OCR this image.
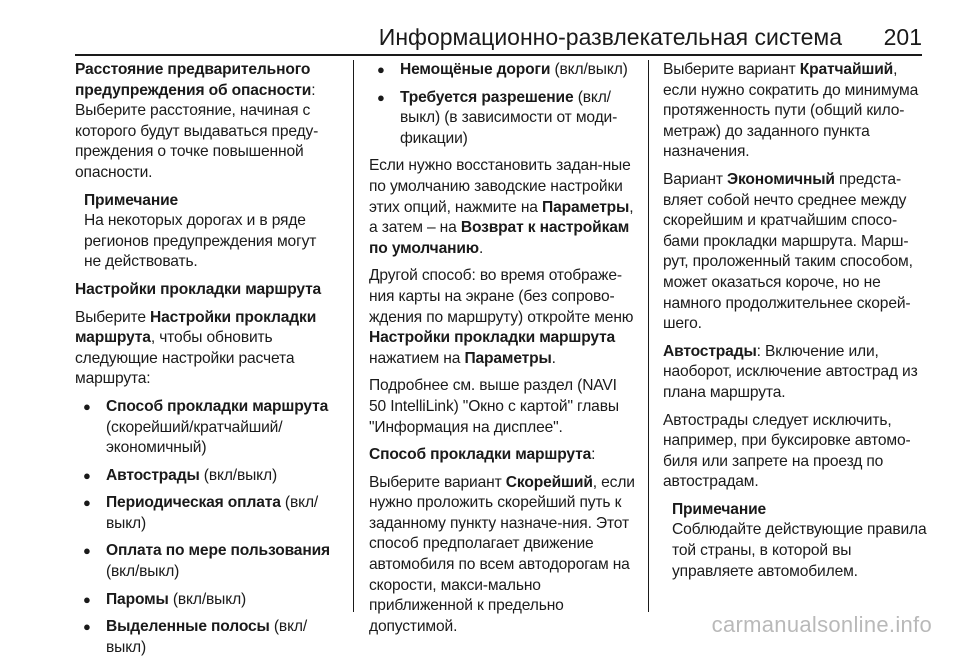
Информационно-развлекательная система 201

Расстояние предварительного предупреждения об опасности: Выберите расстояние, начиная с которого будут выдаваться преду-преждения о точке повышенной опасности.

Примечание

На некоторых дорогах и в ряде регионов предупреждения могут не действовать.

Настройки прокладки маршрута

Выберите Настройки прокладки маршрута, чтобы обновить следующие настройки расчета маршрута:

● Способ прокладки маршрута (скорейший/кратчайший/экономичный)
● Автострады (вкл/выкл)
● Периодическая оплата (вкл/выкл)
● Оплата по мере пользования (вкл/выкл)
● Паромы (вкл/выкл)
● Выделенные полосы (вкл/выкл)
● Немощёные дороги (вкл/выкл)
● Требуется разрешение (вкл/выкл) (в зависимости от моди-фикации)

Если нужно восстановить задан-ные по умолчанию заводские настройки этих опций, нажмите на Параметры, а затем – на Возврат к настройкам по умолчанию.

Другой способ: во время отображе-ния карты на экране (без сопрово-ждения по маршруту) откройте меню Настройки прокладки маршрута нажатием на Параметры.

Подробнее см. выше раздел (NAVI 50 IntelliLink) "Окно с картой" главы "Информация на дисплее".

Способ прокладки маршрута:

Выберите вариант Скорейший, если нужно проложить скорейший путь к заданному пункту назначе-ния. Этот способ предполагает движение автомобиля по всем автодорогам на скорости, макси-мально приближенной к предельно допустимой.

Выберите вариант Кратчайший, если нужно сократить до минимума протяженность пути (общий кило-метраж) до заданного пункта назначения.

Вариант Экономичный предста-вляет собой нечто среднее между скорейшим и кратчайшим спосо-бами прокладки маршрута. Марш-рут, проложенный таким способом, может оказаться короче, но не намного продолжительнее скорей-шего.

Автострады: Включение или, наоборот, исключение автострад из плана маршрута.

Автострады следует исключить, например, при буксировке автомо-биля или запрете на проезд по автострадам.

Примечание

Соблюдайте действующие правила той страны, в которой вы управляете автомобилем.

carmanualsonline.info
